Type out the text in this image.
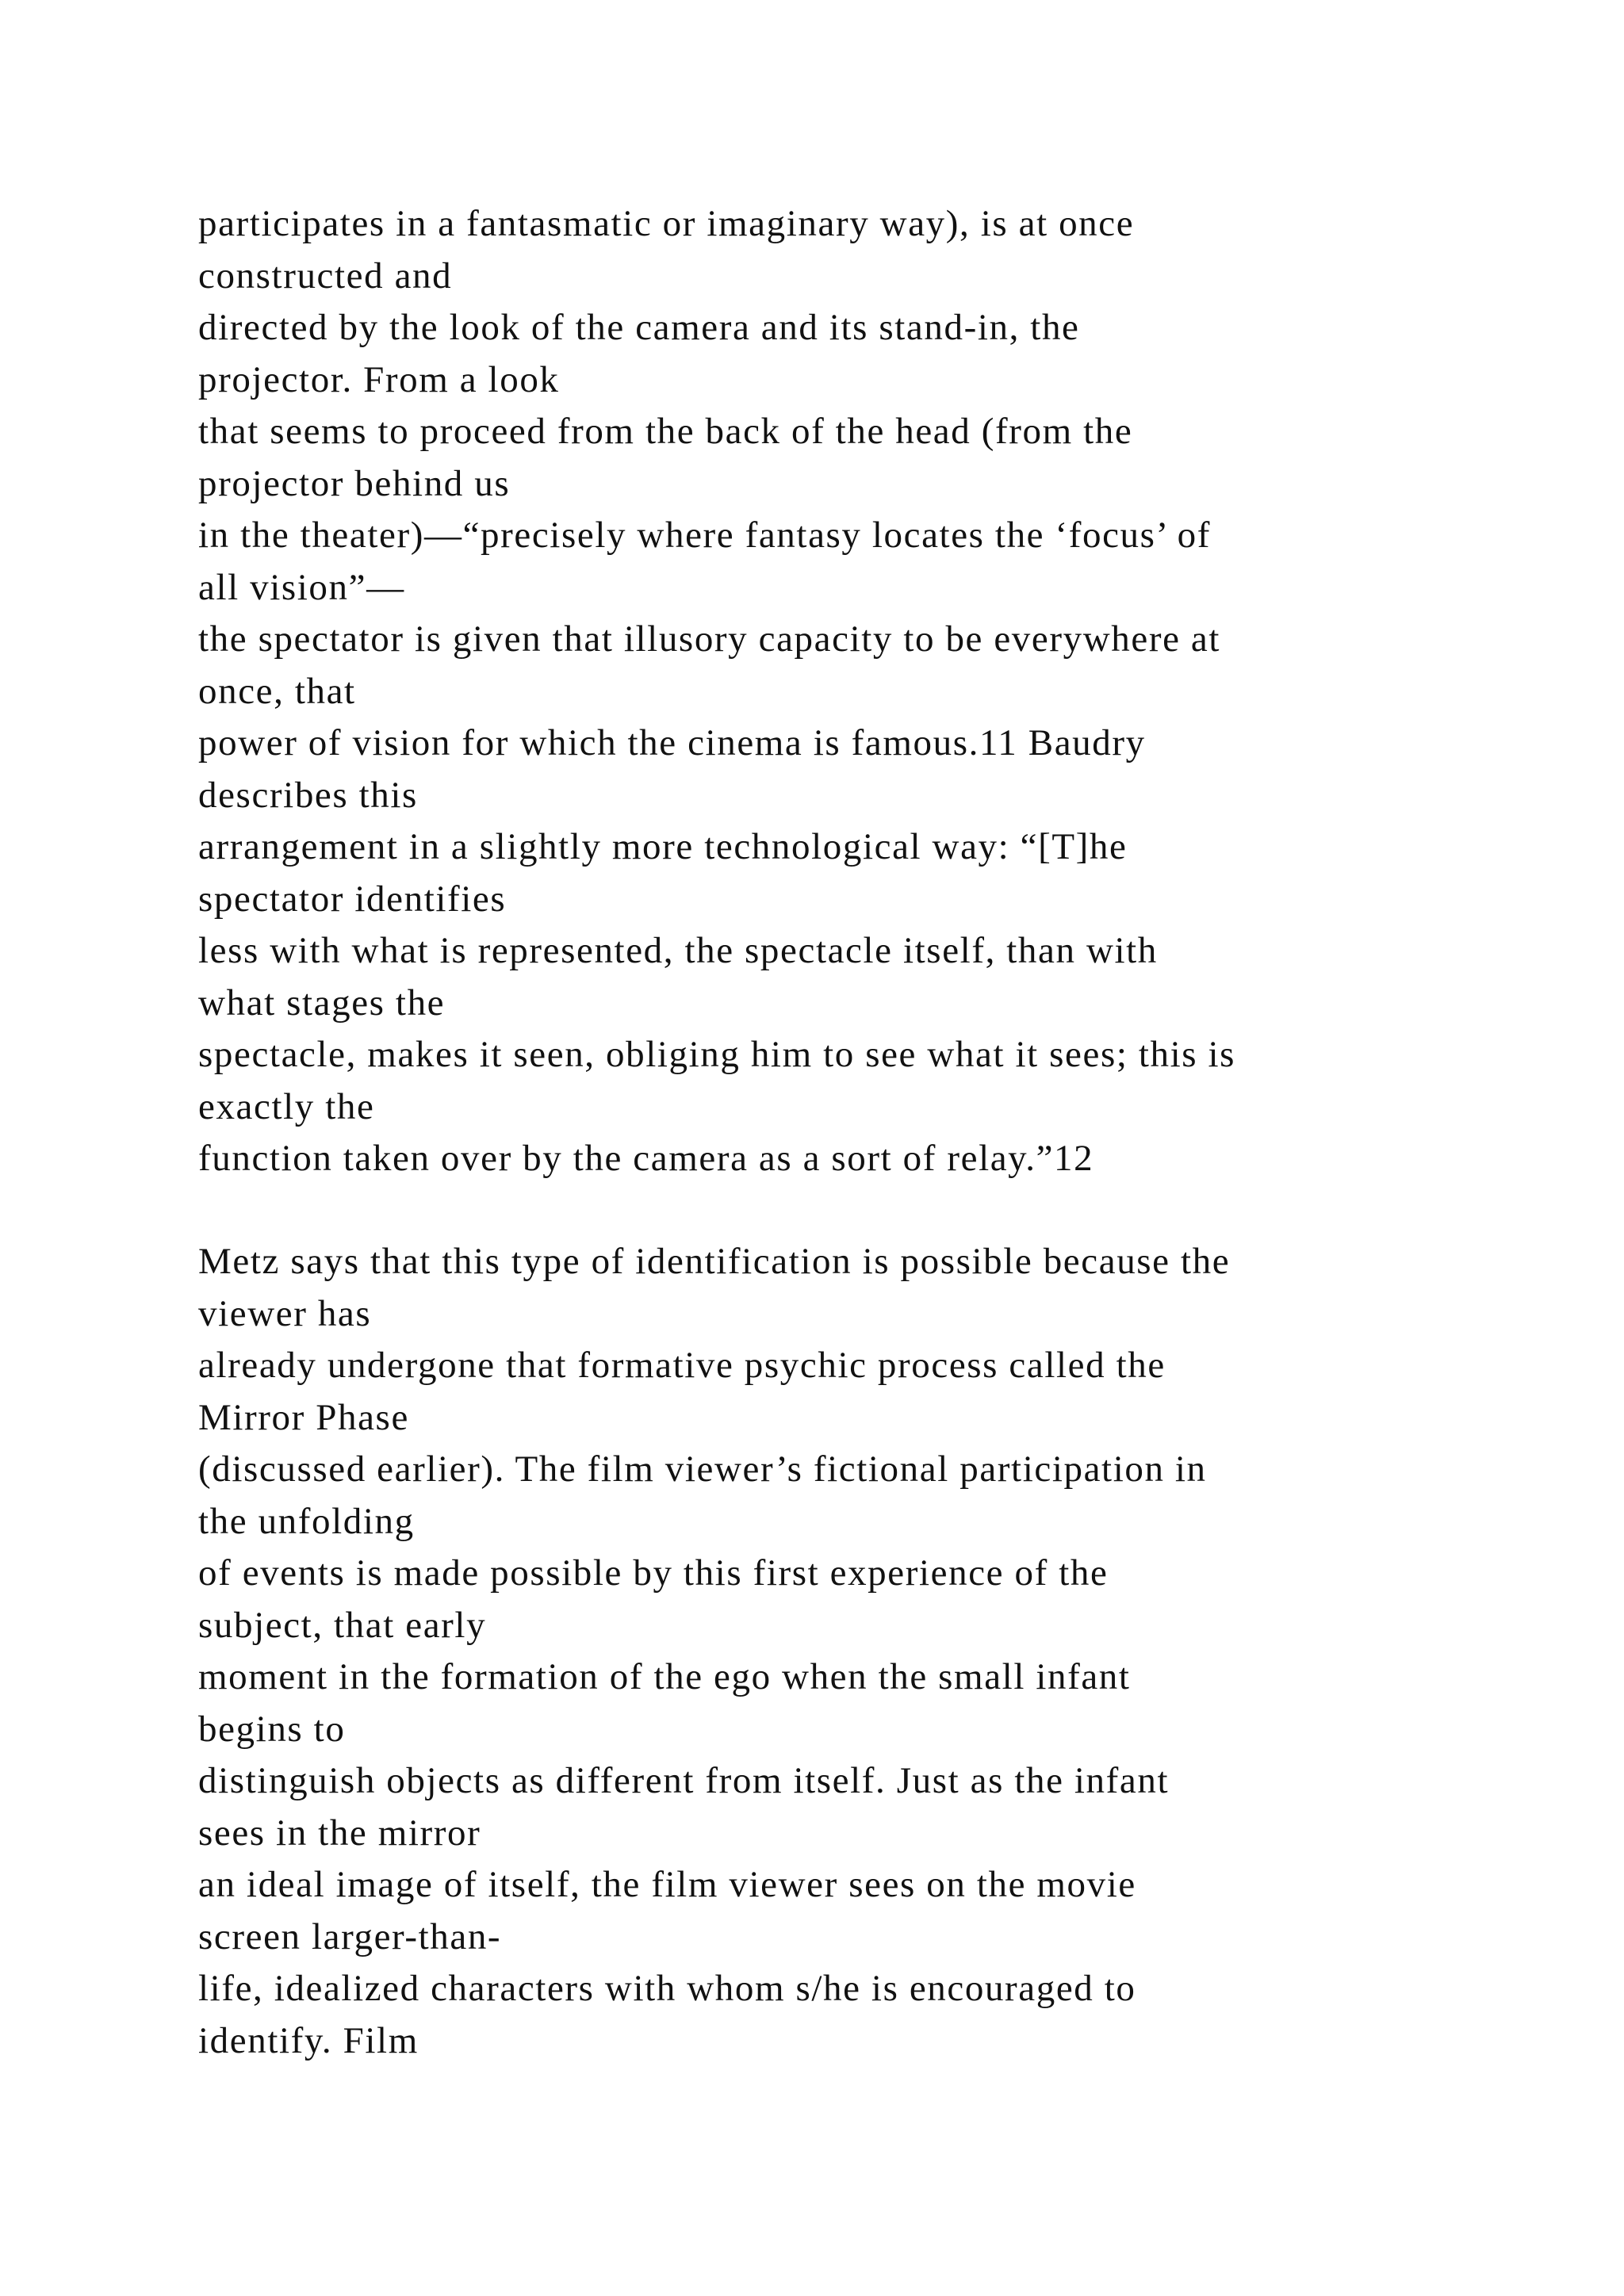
participates in a fantasmatic or imaginary way), is at once
constructed and
directed by the look of the camera and its stand-in, the
projector. From a look
that seems to proceed from the back of the head (from the
projector behind us
in the theater)—“precisely where fantasy locates the ‘focus’ of
all vision”—
the spectator is given that illusory capacity to be everywhere at
once, that
power of vision for which the cinema is famous.11 Baudry
describes this
arrangement in a slightly more technological way: “[T]he
spectator identifies
less with what is represented, the spectacle itself, than with
what stages the
spectacle, makes it seen, obliging him to see what it sees; this is
exactly the
function taken over by the camera as a sort of relay.”12
Metz says that this type of identification is possible because the
viewer has
already undergone that formative psychic process called the
Mirror Phase
(discussed earlier). The film viewer’s fictional participation in
the unfolding
of events is made possible by this first experience of the
subject, that early
moment in the formation of the ego when the small infant
begins to
distinguish objects as different from itself. Just as the infant
sees in the mirror
an ideal image of itself, the film viewer sees on the movie
screen larger-than-
life, idealized characters with whom s/he is encouraged to
identify. Film
